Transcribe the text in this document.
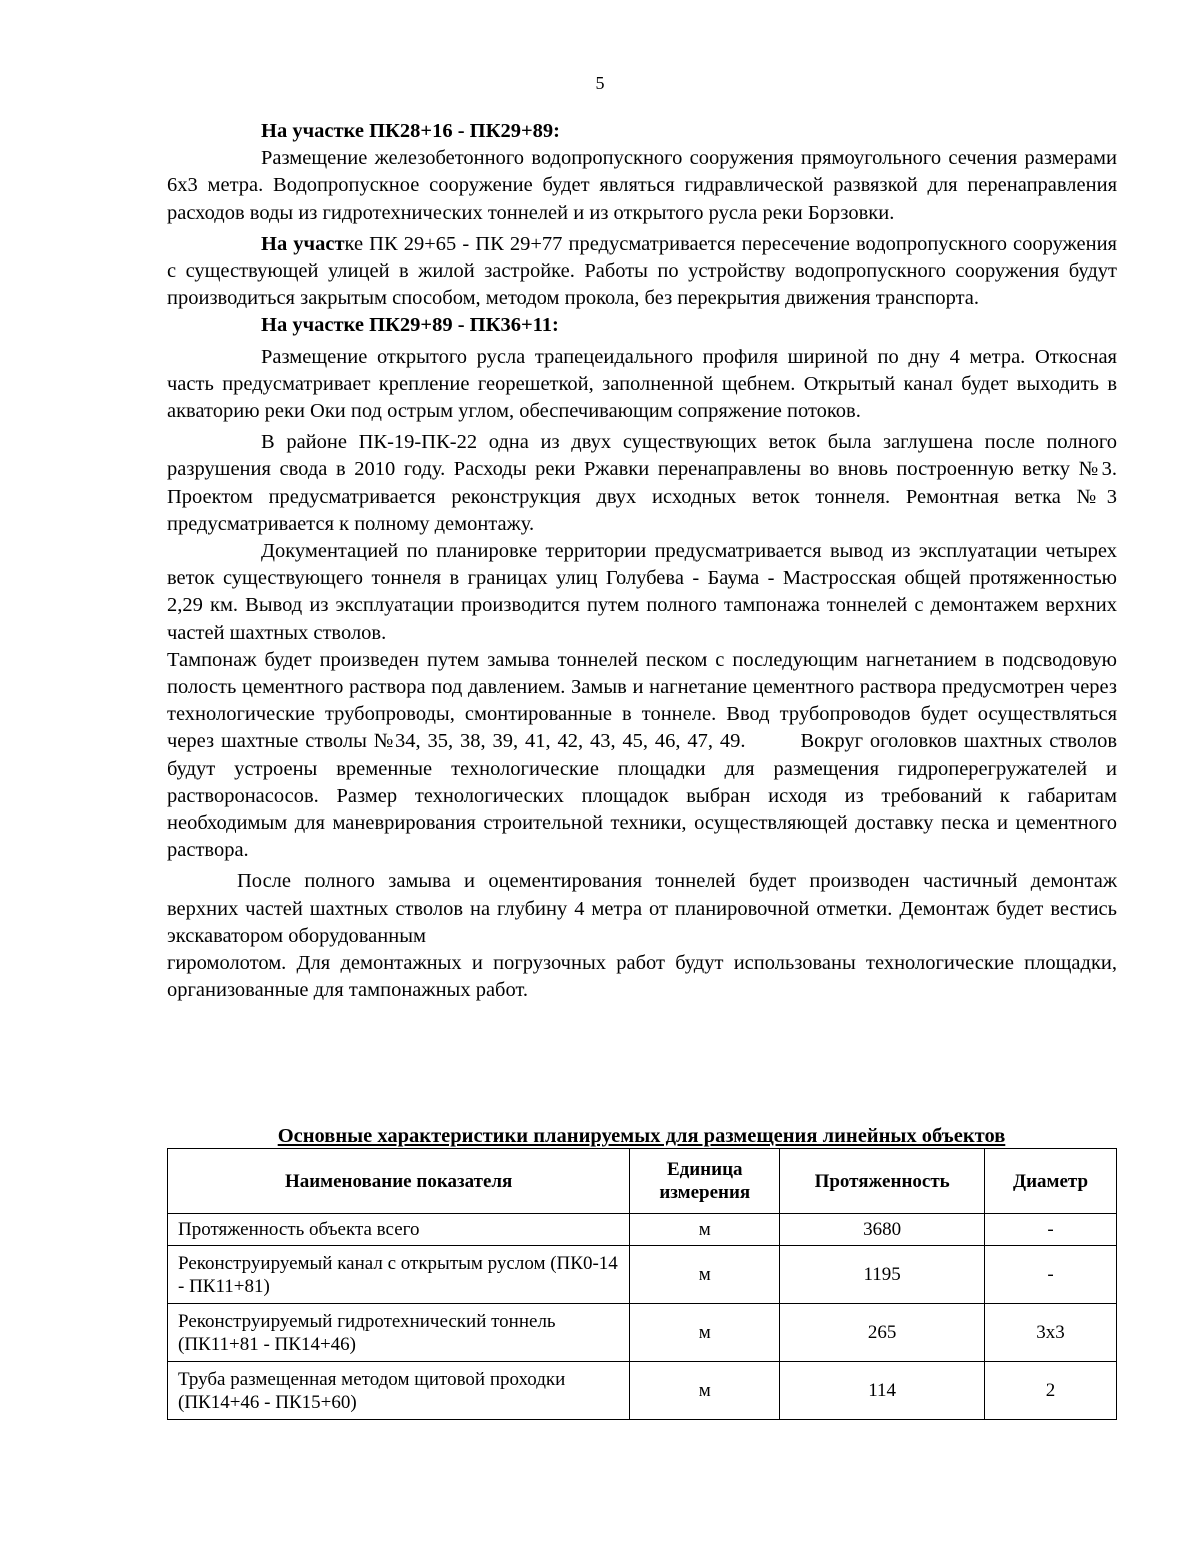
5

На участке ПК28+16 - ПК29+89:

Размещение железобетонного водопропускного сооружения прямоугольного сечения размерами 6х3 метра. Водопропускное сооружение будет являться гидравлической развязкой для перенаправления расходов воды из гидротехнических тоннелей и из открытого русла реки Борзовки.

На участке ПК 29+65 - ПК 29+77 предусматривается пересечение водопропускного сооружения с существующей улицей в жилой застройке. Работы по устройству водопропускного сооружения будут производиться закрытым способом, методом прокола, без перекрытия движения транспорта.

На участке ПК29+89 - ПК36+11:

Размещение открытого русла трапецеидального профиля шириной по дну 4 метра. Откосная часть предусматривает крепление георешеткой, заполненной щебнем. Открытый канал будет выходить в акваторию реки Оки под острым углом, обеспечивающим сопряжение потоков.

В районе ПК-19-ПК-22 одна из двух существующих веток была заглушена после полного разрушения свода в 2010 году. Расходы реки Ржавки перенаправлены во вновь построенную ветку №3. Проектом предусматривается реконструкция двух исходных веток тоннеля. Ремонтная ветка №3 предусматривается к полному демонтажу.

Документацией по планировке территории предусматривается вывод из эксплуатации четырех веток существующего тоннеля в границах улиц Голубева - Баума - Мастросская общей протяженностью 2,29 км. Вывод из эксплуатации производится путем полного тампонажа тоннелей с демонтажем верхних частей шахтных стволов.

Тампонаж будет произведен путем замыва тоннелей песком с последующим нагнетанием в подсводовую полость цементного раствора под давлением. Замыв и нагнетание цементного раствора предусмотрен через технологические трубопроводы, смонтированные в тоннеле. Ввод трубопроводов будет осуществляться через шахтные стволы №34, 35, 38, 39, 41, 42, 43, 45, 46, 47, 49.	Вокруг оголовков шахтных стволов будут устроены временные технологические площадки для размещения гидроперегружателей и растворонасосов. Размер технологических площадок выбран исходя из требований к габаритам необходимым для маневрирования строительной техники, осуществляющей доставку песка и цементного раствора.

После полного замыва и оцементирования тоннелей будет производен частичный демонтаж верхних частей шахтных стволов на глубину 4 метра от планировочной отметки. Демонтаж будет вестись экскаватором оборудованным

гиромолотом. Для демонтажных и погрузочных работ будут использованы технологические площадки, организованные для тампонажных работ.

Основные характеристики планируемых для размещения линейных объектов
Наименование показателя	Единица измерения	Протяженность	Диаметр
Протяженность объекта всего	м	3680	-
Реконструируемый канал с открытым руслом (ПК0-14 - ПК11+81)	м	1195	-
Реконструируемый гидротехнический тоннель (ПК11+81 - ПК14+46)	м	265	3х3
Труба размещенная методом щитовой проходки (ПК14+46 - ПК15+60)	м	114	2
